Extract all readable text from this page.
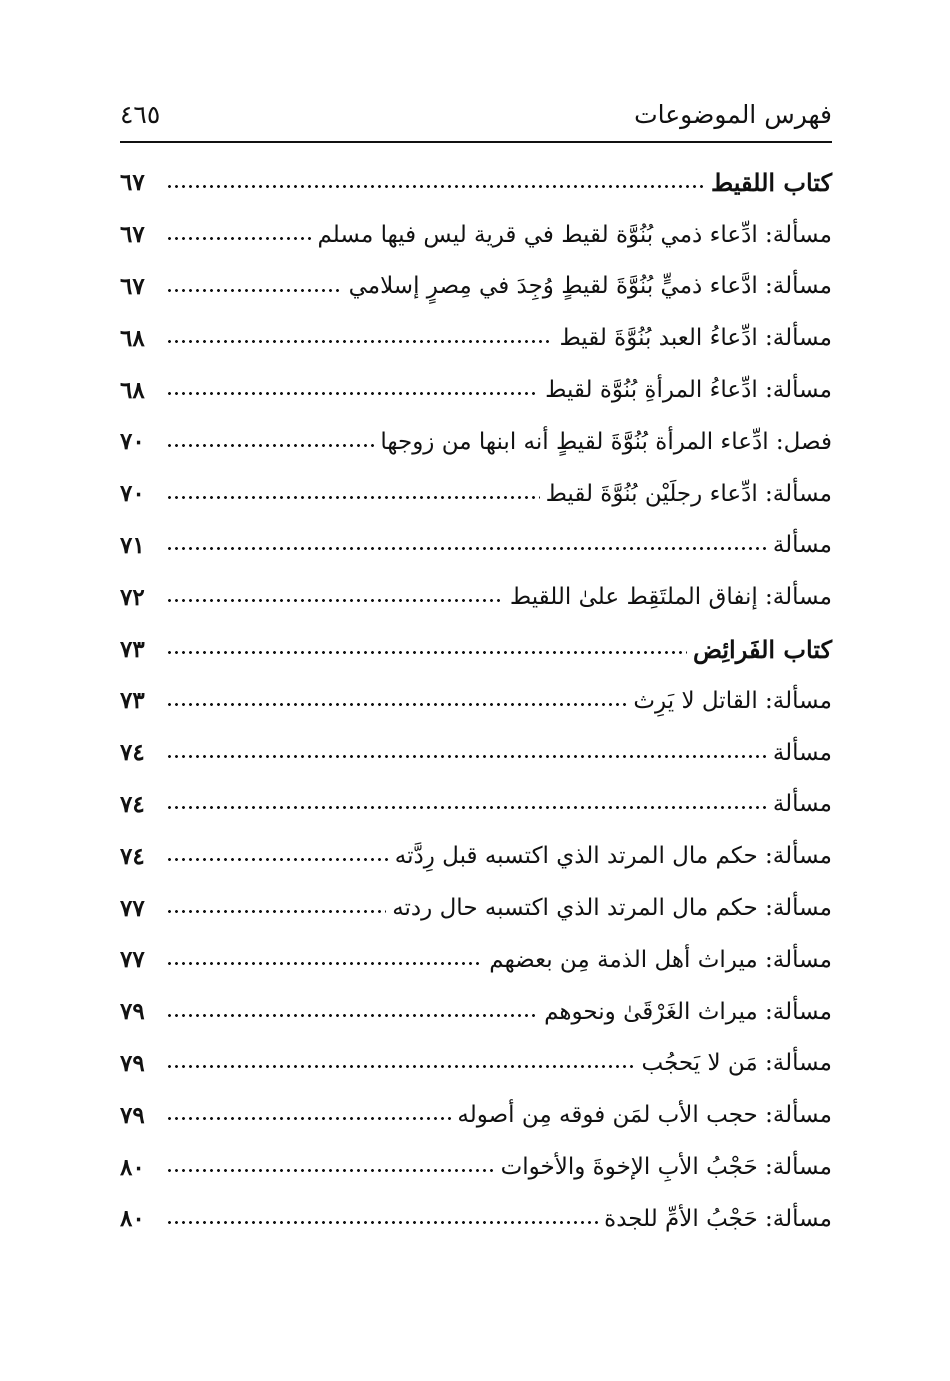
فهرس الموضوعات
٤٦٥
كتاب اللقيط
٦٧
مسألة: ادِّعاء ذمي بُنُوَّة لقيط في قرية ليس فيها مسلم
٦٧
مسألة: ادَّعاء ذميٍّ بُنُوَّةَ لقيطٍ وُجِدَ في مِصرٍ إسلامي
٦٧
مسألة: ادِّعاءُ العبد بُنُوَّةَ لقيط
٦٨
مسألة: ادِّعاءُ المرأةِ بُنُوَّة لقيط
٦٨
فصل: ادِّعاء المرأة بُنُوَّةَ لقيطٍ أنه ابنها من زوجها
٧٠
مسألة: ادِّعاء رجلَيْن بُنُوَّةَ لقيط
٧٠
مسألة
٧١
مسألة: إنفاق الملتَقِط علىٰ اللقيط
٧٢
كتاب الفَرائِض
٧٣
مسألة: القاتل لا يَرِث
٧٣
مسألة
٧٤
مسألة
٧٤
مسألة: حكم مال المرتد الذي اكتسبه قبل رِدَّته
٧٤
مسألة: حكم مال المرتد الذي اكتسبه حال ردته
٧٧
مسألة: ميراث أهل الذمة مِن بعضهم
٧٧
مسألة: ميراث الغَرْقَىٰ ونحوهم
٧٩
مسألة: مَن لا يَحجُب
٧٩
مسألة: حجب الأب لمَن فوقه مِن أصوله
٧٩
مسألة: حَجْبُ الأبِ الإخوةَ والأخوات
٨٠
مسألة: حَجْبُ الأمِّ للجدة
٨٠
